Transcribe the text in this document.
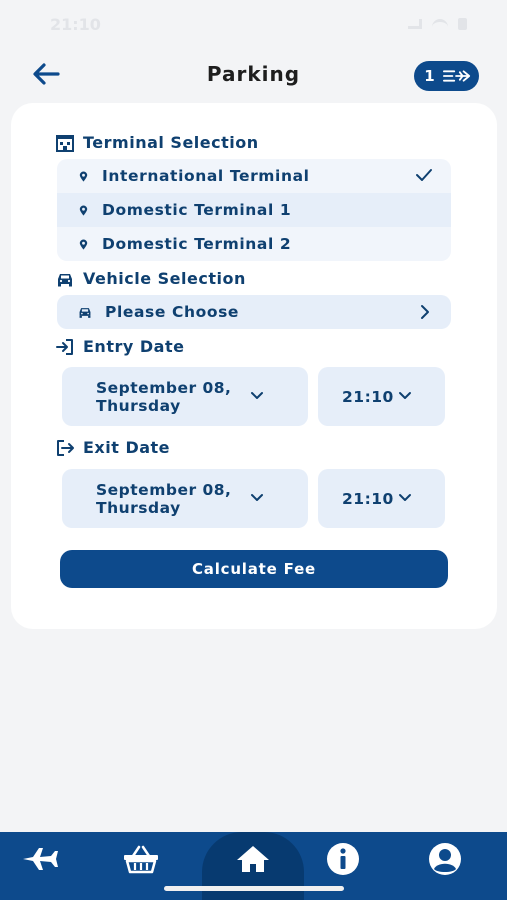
21:10
Parking	1
Terminal Selection
International Terminal
Domestic Terminal 1
Domestic Terminal 2
Vehicle Selection
Please Choose
Entry Date
September 08,
Thursday	21:10
Exit Date
September 08,
Thursday	21:10
Calculate Fee
